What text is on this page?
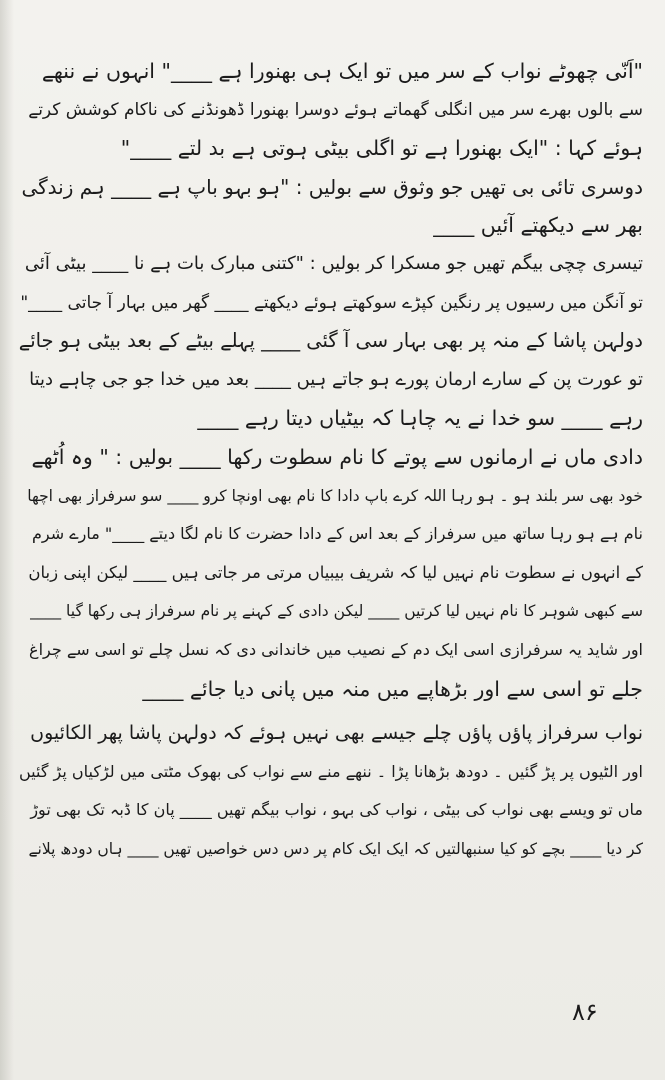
"اَنّی چھوٹے نواب کے سر میں تو ایک ہی بھنورا ہے ____" انہوں نے ننھے
سے بالوں بھرے سر میں انگلی گھماتے ہوئے دوسرا بھنورا ڈھونڈنے کی ناکام کوشش کرتے
ہوئے کہا : "ایک بھنورا ہے تو اگلی بیٹی ہوتی ہے بد لتے ____"
دوسری تائی بی تھیں جو وثوق سے بولیں : "ہو بہو باپ ہے ____ ہم زندگی
بھر سے دیکھتے آئیں ____
تیسری چچی بیگم تھیں جو مسکرا کر بولیں : "کتنی مبارک بات ہے نا ____ بیٹی آئی
تو آنگن میں رسیوں پر رنگین کپڑے سوکھتے ہوئے دیکھتے ____ گھر میں بہار آ جاتی ____"
دولہن پاشا کے منہ پر بھی بہار سی آ گئی ____ پہلے بیٹے کے بعد بیٹی ہو جائے
تو عورت پن کے سارے ارمان پورے ہو جاتے ہیں ____ بعد میں خدا جو جی چاہے دیتا
رہے ____ سو خدا نے یہ چاہا کہ بیٹیاں دیتا رہے ____
دادی ماں نے ارمانوں سے پوتے کا نام سطوت رکھا ____ بولیں : " وہ اُٹھے
خود بھی سر بلند ہو ۔ ہو رہا اللہ کرے باپ دادا کا نام بھی اونچا کرو ____ سو سرفراز بھی اچھا
نام ہے ہو رہا ساتھ میں سرفراز کے بعد اس کے دادا حضرت کا نام لگا دیتے ____" مارے شرم
کے انہوں نے سطوت نام نہیں لیا کہ شریف بیبیاں مرتی مر جاتی ہیں ____ لیکن اپنی زبان
سے کبھی شوہر کا نام نہیں لیا کرتیں ____ لیکن دادی کے کہنے پر نام سرفراز ہی رکھا گیا ____
اور شاید یہ سرفرازی اسی ایک دم کے نصیب میں خاندانی دی کہ نسل چلے تو اسی سے چراغ
جلے تو اسی سے اور بڑھاپے میں منہ میں پانی دیا جائے ____
نواب سرفراز پاؤں پاؤں چلے جیسے بھی نہیں ہوئے کہ دولہن پاشا پھر الکائیوں
اور الٹیوں پر پڑ گئیں ۔ دودھ بڑھانا پڑا ۔ ننھے منے سے نواب کی بھوک مٹتی میں لڑکیاں پڑ گئیں
ماں تو ویسے بھی نواب کی بیٹی ، نواب کی بہو ، نواب بیگم تھیں ____ پان کا ڈبہ تک بھی توڑ
کر دیا ____ بچے کو کیا سنبھالتیں کہ ایک ایک کام پر دس دس خواصیں تھیں ____ ہاں دودھ پلانے
۸۶
